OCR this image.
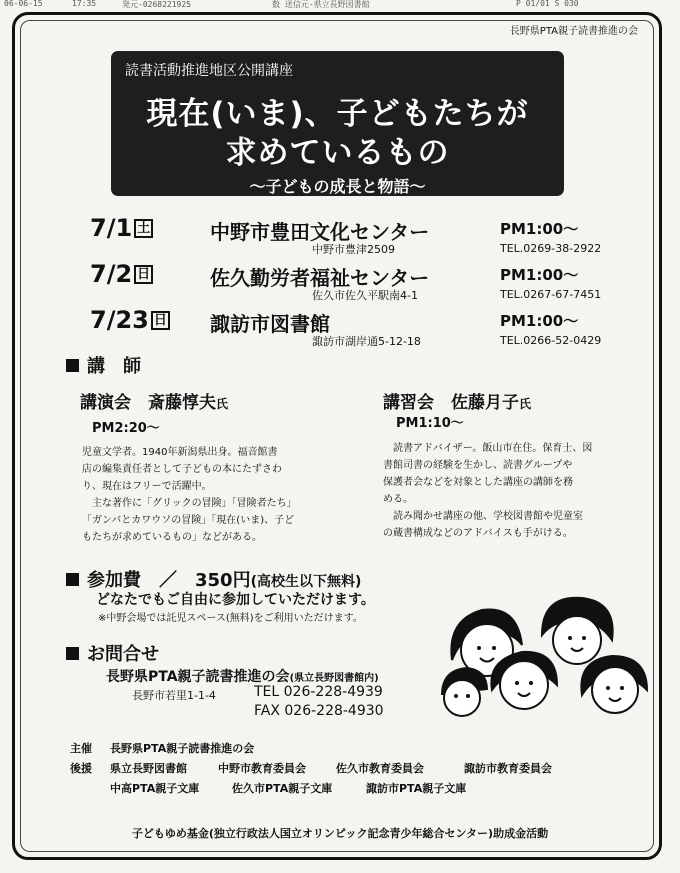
06-06-15	17:35	発元-0268221925	数 送信元-県立長野図書館	P 01/01 S 030
長野県PTA親子読書推進の会
読書活動推進地区公開講座
現在(いま)、子どもたちが
求めているもの
〜子どもの成長と物語〜
7/1 土	中野市豊田文化センター
中野市豊津2509
PM1:00〜
TEL.0269-38-2922
7/2 日	佐久勤労者福祉センター
佐久市佐久平駅南4-1
PM1:00〜
TEL.0267-67-7451
7/23 日 諏訪市図書館
諏訪市湖岸通5-12-18
PM1:00〜
TEL.0266-52-0429
講　師
講演会　斎藤惇夫氏
PM2:20〜
児童文学者。1940年新潟県出身。福音館書
店の編集責任者として子どもの本にたずさわ
り、現在はフリーで活躍中。
主な著作に「グリックの冒険」「冒険者たち」
「ガンバとカワウソの冒険」「現在(いま)、子ど
もたちが求めているもの」などがある。
講習会　佐藤月子氏
PM1:10〜
読書アドバイザー。飯山市在住。保育士、図
書館司書の経験を生かし、読書グループや
保護者会などを対象とした講座の講師を務
める。
読み聞かせ講座の他、学校図書館や児童室
の蔵書構成などのアドバイスも手がける。
参加費　／　350円(高校生以下無料)
どなたでもご自由に参加していただけます。
※中野会場では託児スペース(無料)をご利用いただけます。
お問合せ
長野県PTA親子読書推進の会(県立長野図書館内)
長野市若里1-1-4	TEL 026-228-4939
FAX 026-228-4930
主催 長野県PTA親子読書推進の会
後援 県立長野図書館	中野市教育委員会	佐久市教育委員会	諏訪市教育委員会
中高PTA親子文庫	佐久市PTA親子文庫	諏訪市PTA親子文庫
子どもゆめ基金(独立行政法人国立オリンピック記念青少年総合センター)助成金活動
